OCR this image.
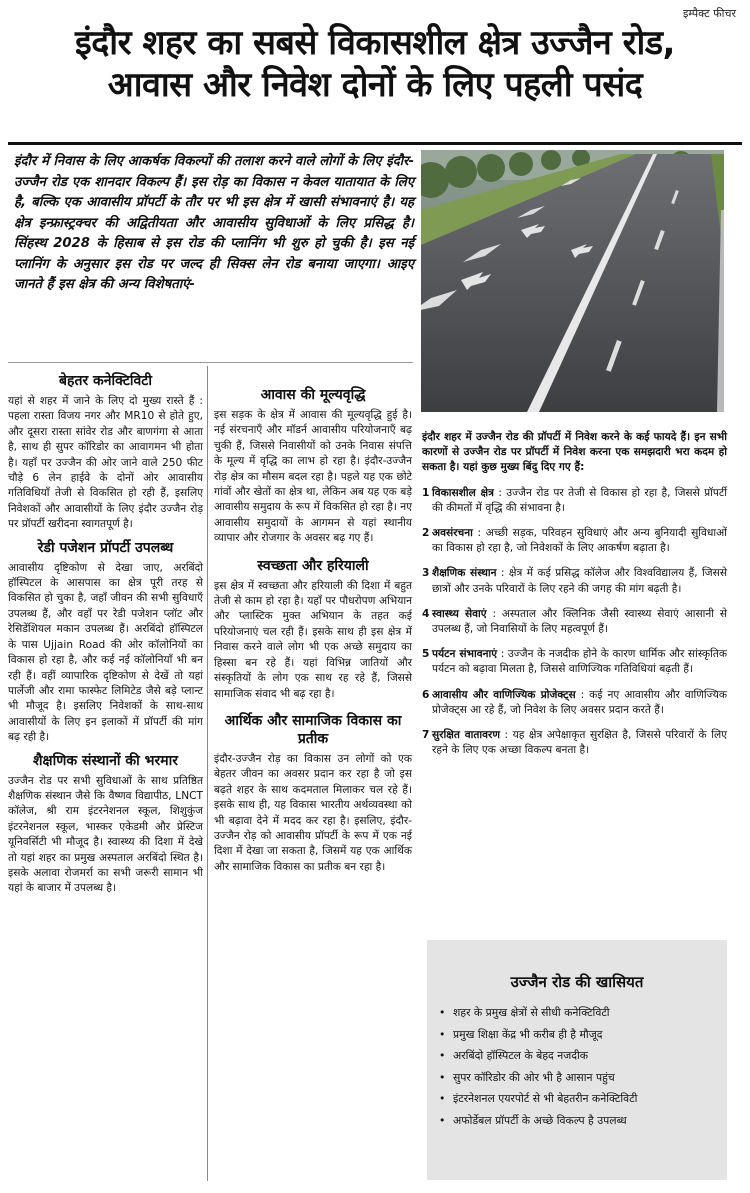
इम्पैक्ट फीचर
इंदौर शहर का सबसे विकासशील क्षेत्र उज्जैन रोड,
आवास और निवेश दोनों के लिए पहली पसंद
इंदौर में निवास के लिए आकर्षक विकल्पों की तलाश करने वाले लोगों के लिए इंदौर-उज्जैन रोड एक शानदार विकल्प हैं। इस रोड़ का विकास न केवल यातायात के लिए है, बल्कि एक आवासीय प्रॉपर्टी के तौर पर भी इस क्षेत्र में खासी संभावनाएं है। यह क्षेत्र इन्फ्रास्ट्रक्चर की अद्वितीयता और आवासीय सुविधाओं के लिए प्रसिद्ध है। सिंहस्थ 2028 के हिसाब से इस रोड की प्लानिंग भी शुरु हो चुकी है। इस नई प्लानिंग के अनुसार इस रोड पर जल्द ही सिक्स लेन रोड बनाया जाएगा। आइए जानते हैं इस क्षेत्र की अन्य विशेषताएं-
बेहतर कनेक्टिविटी

यहां से शहर में जाने के लिए दो मुख्य रास्ते हैं : पहला रास्ता विजय नगर और MR10 से होते हुए, और दूसरा रास्ता सांवेर रोड और बाणगंगा से आता है, साथ ही सुपर कॉरिडोर का आवागमन भी होता है। यहाँ पर उज्जैन की ओर जाने वाले 250 फीट चौड़े 6 लेन हाईवे के दोनों ओर आवासीय गतिविधियाँ तेजी से विकसित हो रही हैं, इसलिए निवेशकों और आवासीयों के लिए इंदौर उज्जैन रोड़ पर प्रॉपर्टी खरीदना स्वागतपूर्ण है।

रेडी पजेशन प्रॉपर्टी उपलब्ध

आवासीय दृष्टिकोण से देखा जाए, अरबिंदो हॉस्पिटल के आसपास का क्षेत्र पूरी तरह से विकसित हो चुका है, जहाँ जीवन की सभी सुविधाएँ उपलब्ध हैं, और वहाँ पर रेडी पजेशन प्लॉट और रेसिडेंशियल मकान उपलब्ध हैं। अरबिंदो हॉस्पिटल के पास Ujjain Road की ओर कॉलोनियों का विकास हो रहा है, और कई नई कॉलोनियाँ भी बन रही हैं। वहीं व्यापारिक दृष्टिकोण से देखें तो यहां पार्लेजी और रामा फास्फेट लिमिटेड जैसे बड़े प्लान्ट भी मौजूद है। इसलिए निवेशकों के साथ-साथ आवासीयों के लिए इन इलाकों में प्रॉपर्टी की मांग बढ़ रही है।

शैक्षणिक संस्थानों की भरमार

उज्जैन रोड पर सभी सुविधाओं के साथ प्रतिष्ठित शैक्षणिक संस्थान जैसे कि वैष्णव विद्यापीठ, LNCT कॉलेज, श्री राम इंटरनेशनल स्कूल, शिशुकुंज इंटरनेशनल स्कूल, भास्कर एकेडमी और प्रेस्टिज यूनिवर्सिटी भी मौजूद है। स्वास्थ्य की दिशा में देखे तो यहां शहर का प्रमुख अस्पताल अरबिंदो स्थित है। इसके अलावा रोजमर्रा का सभी जरूरी सामान भी यहां के बाजार में उपलब्ध है।

आवास की मूल्यवृद्धि

इस सड़क के क्षेत्र में आवास की मूल्यवृद्धि हुई है। नई संरचनाएँ और मॉडर्न आवासीय परियोजनाएँ बढ़ चुकी हैं, जिससे निवासीयों को उनके निवास संपत्ति के मूल्य में वृद्धि का लाभ हो रहा है। इंदौर-उज्जैन रोड़ क्षेत्र का मौसम बदल रहा है। पहले यह एक छोटे गांवों और खेतों का क्षेत्र था, लेकिन अब यह एक बड़े आवासीय समुदाय के रूप में विकसित हो रहा है। नए आवासीय समुदायों के आगमन से यहां स्थानीय व्यापार और रोजगार के अवसर बढ़ गए हैं।

स्वच्छता और हरियाली

इस क्षेत्र में स्वच्छता और हरियाली की दिशा में बहुत तेजी से काम हो रहा है। यहाँ पर पौधरोपण अभियान और प्लास्टिक मुक्त अभियान के तहत कई परियोजनाएं चल रही हैं। इसके साथ ही इस क्षेत्र में निवास करने वाले लोग भी एक अच्छे समुदाय का हिस्सा बन रहे हैं। यहां विभिन्न जातियों और संस्कृतियों के लोग एक साथ रह रहे हैं, जिससे सामाजिक संवाद भी बढ़ रहा है।

आर्थिक और सामाजिक विकास का प्रतीक

इंदौर-उज्जैन रोड़ का विकास उन लोगों को एक बेहतर जीवन का अवसर प्रदान कर रहा है जो इस बढ़ते शहर के साथ कदमताल मिलाकर चल रहे हैं। इसके साथ ही, यह विकास भारतीय अर्थव्यवस्था को भी बढ़ावा देने में मदद कर रहा है। इसलिए, इंदौर-उज्जैन रोड़ को आवासीय प्रॉपर्टी के रूप में एक नई दिशा में देखा जा सकता है, जिसमें यह एक आर्थिक और सामाजिक विकास का प्रतीक बन रहा है।

इंदौर शहर में उज्जैन रोड की प्रॉपर्टी में निवेश करने के कई फायदे हैं। इन सभी कारणों से उज्जैन रोड पर प्रॉपर्टी में निवेश करना एक समझदारी भरा कदम हो सकता है। यहां कुछ मुख्य बिंदु दिए गए हैं:
1 विकासशील क्षेत्र : उज्जैन रोड पर तेजी से विकास हो रहा है, जिससे प्रॉपर्टी की कीमतों में वृद्धि की संभावना है।
2 अवसंरचना : अच्छी सड़क, परिवहन सुविधाएं और अन्य बुनियादी सुविधाओं का विकास हो रहा है, जो निवेशकों के लिए आकर्षण बढ़ाता है।
3 शैक्षणिक संस्थान : क्षेत्र में कई प्रसिद्ध कॉलेज और विश्वविद्यालय हैं, जिससे छात्रों और उनके परिवारों के लिए रहने की जगह की मांग बढ़ती है।
4 स्वास्थ्य सेवाएं : अस्पताल और क्लिनिक जैसी स्वास्थ्य सेवाएं आसानी से उपलब्ध हैं, जो निवासियों के लिए महत्वपूर्ण हैं।
5 पर्यटन संभावनाएं : उज्जैन के नजदीक होने के कारण धार्मिक और सांस्कृतिक पर्यटन को बढ़ावा मिलता है, जिससे वाणिज्यिक गतिविधियां बढ़ती हैं।
6 आवासीय और वाणिज्यिक प्रोजेक्ट्स : कई नए आवासीय और वाणिज्यिक प्रोजेक्ट्स आ रहे हैं, जो निवेश के लिए अवसर प्रदान करते हैं।
7 सुरक्षित वातावरण : यह क्षेत्र अपेक्षाकृत सुरक्षित है, जिससे परिवारों के लिए रहने के लिए एक अच्छा विकल्प बनता है।
उज्जैन रोड की खासियत
• शहर के प्रमुख क्षेत्रों से सीधी कनेक्टिविटी
• प्रमुख शिक्षा केंद्र भी करीब ही है मौजूद
• अरबिंदो हॉस्पिटल के बेहद नजदीक
• सुपर कॉरिडोर की ओर भी है आसान पहुंच
• इंटरनेशनल एयरपोर्ट से भी बेहतरीन कनेक्टिविटी
• अफोर्डेबल प्रॉपर्टी के अच्छे विकल्प है उपलब्ध
